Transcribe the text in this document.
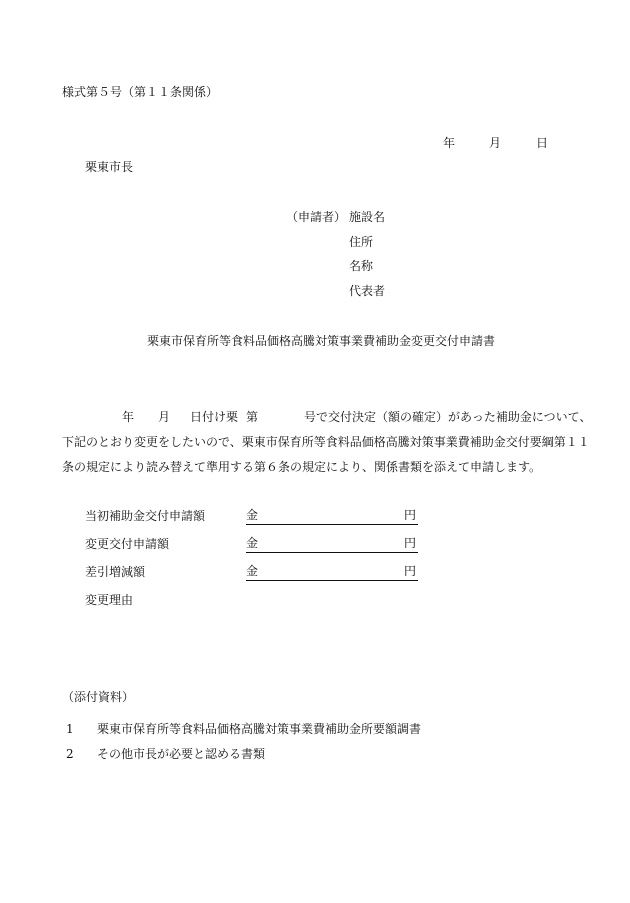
様式第５号（第１１条関係）
年	月	日
栗東市長
（申請者） 施設名
住所
名称
代表者
栗東市保育所等食料品価格高騰対策事業費補助金変更交付申請書
年 月 日付け栗 第	号で交付決定（額の確定）があった補助金について、
下記のとおり変更をしたいので、栗東市保育所等食料品価格高騰対策事業費補助金交付要綱第１１
条の規定により読み替えて準用する第６条の規定により、関係書類を添えて申請します。
当初補助金交付申請額	金	円
変更交付申請額	金	円
差引増減額	金	円
変更理由
（添付資料）
1 栗東市保育所等食料品価格高騰対策事業費補助金所要額調書
2 その他市長が必要と認める書類
